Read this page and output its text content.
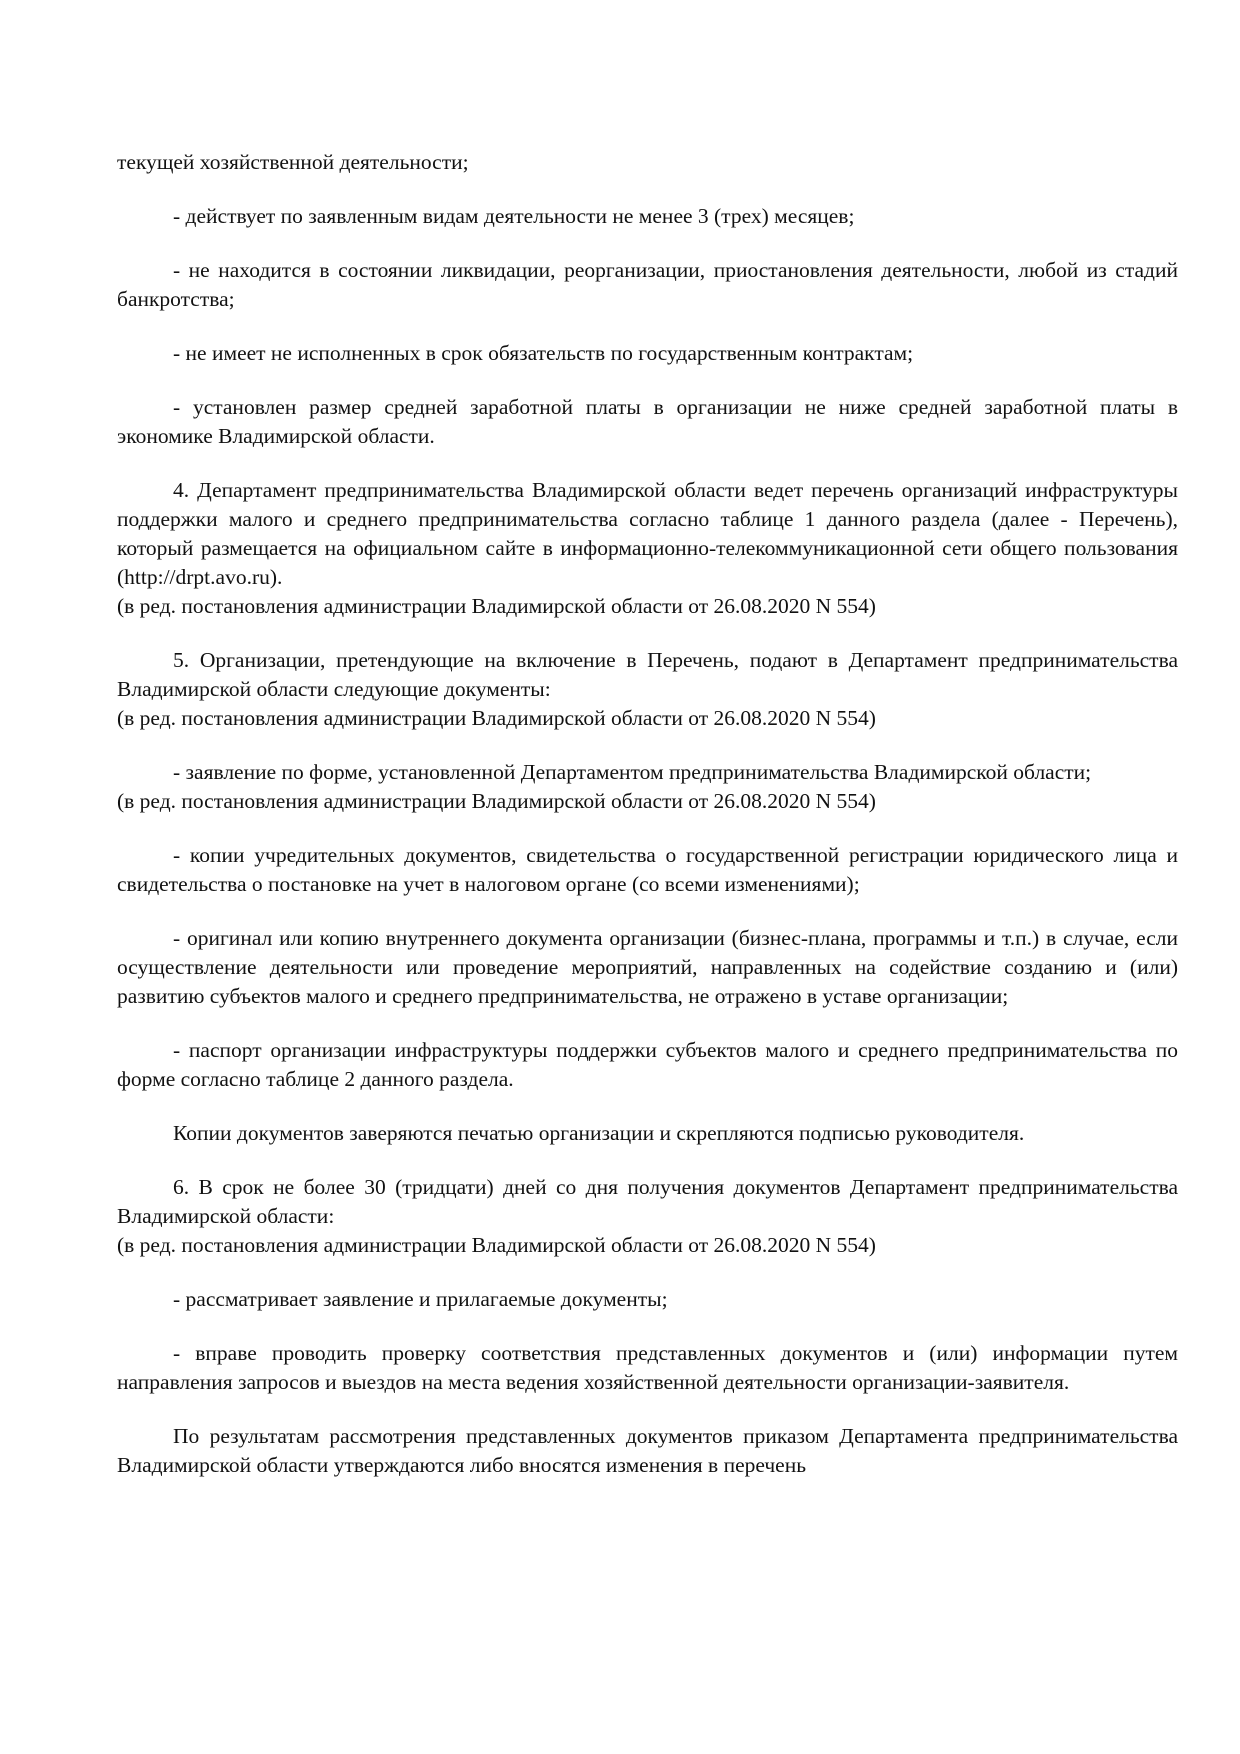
текущей хозяйственной деятельности;

- действует по заявленным видам деятельности не менее 3 (трех) месяцев;

- не находится в состоянии ликвидации, реорганизации, приостановления деятельности, любой из стадий банкротства;

- не имеет не исполненных в срок обязательств по государственным контрактам;

- установлен размер средней заработной платы в организации не ниже средней заработной платы в экономике Владимирской области.

4. Департамент предпринимательства Владимирской области ведет перечень организаций инфраструктуры поддержки малого и среднего предпринимательства согласно таблице 1 данного раздела (далее - Перечень), который размещается на официальном сайте в информационно-телекоммуникационной сети общего пользования (http://drpt.avo.ru).
(в ред. постановления администрации Владимирской области от 26.08.2020 N 554)
5. Организации, претендующие на включение в Перечень, подают в Департамент предпринимательства Владимирской области следующие документы:
(в ред. постановления администрации Владимирской области от 26.08.2020 N 554)
- заявление по форме, установленной Департаментом предпринимательства Владимирской области;
(в ред. постановления администрации Владимирской области от 26.08.2020 N 554)

- копии учредительных документов, свидетельства о государственной регистрации юридического лица и свидетельства о постановке на учет в налоговом органе (со всеми изменениями);

- оригинал или копию внутреннего документа организации (бизнес-плана, программы и т.п.) в случае, если осуществление деятельности или проведение мероприятий, направленных на содействие созданию и (или) развитию субъектов малого и среднего предпринимательства, не отражено в уставе организации;

- паспорт организации инфраструктуры поддержки субъектов малого и среднего предпринимательства по форме согласно таблице 2 данного раздела.

Копии документов заверяются печатью организации и скрепляются подписью руководителя.

6. В срок не более 30 (тридцати) дней со дня получения документов Департамент предпринимательства Владимирской области:
(в ред. постановления администрации Владимирской области от 26.08.2020 N 554)

- рассматривает заявление и прилагаемые документы;

- вправе проводить проверку соответствия представленных документов и (или) информации путем направления запросов и выездов на места ведения хозяйственной деятельности организации-заявителя.

По результатам рассмотрения представленных документов приказом Департамента предпринимательства Владимирской области утверждаются либо вносятся изменения в перечень
